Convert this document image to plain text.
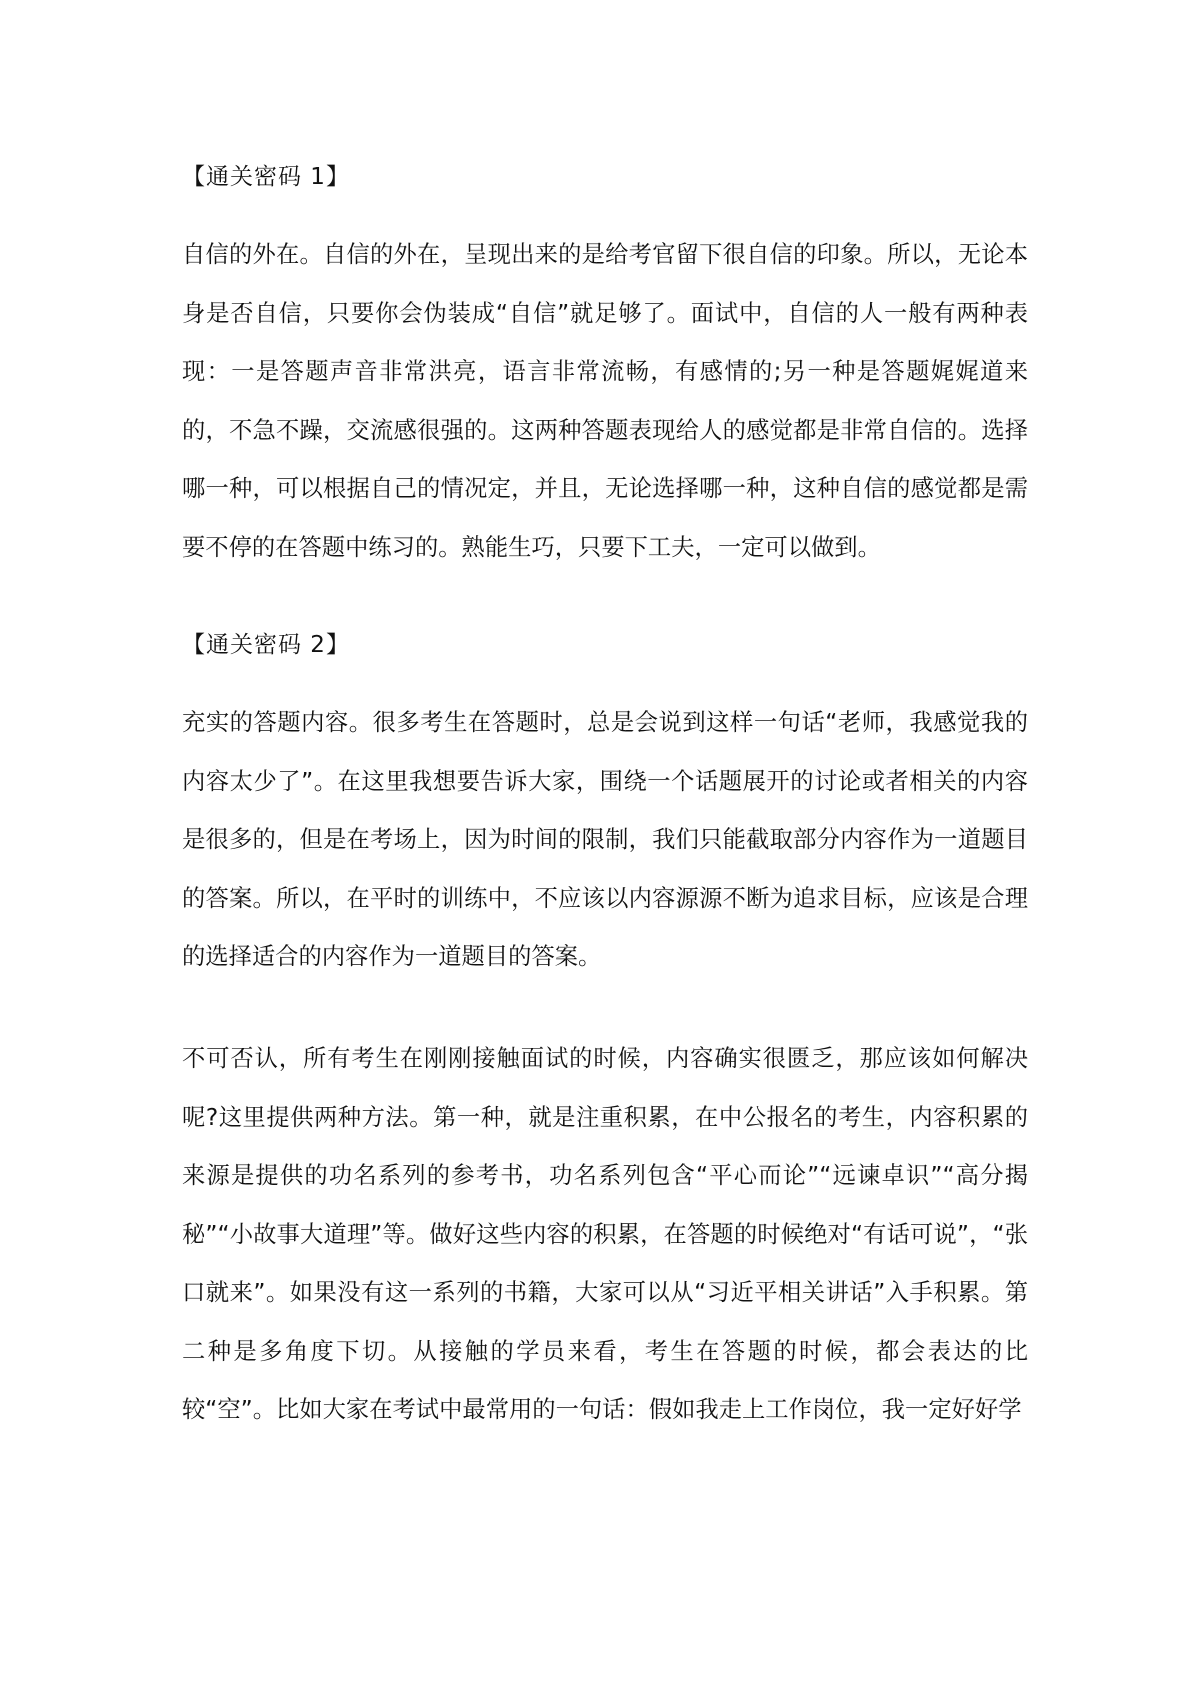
【通关密码 1】

自信的外在。自信的外在，呈现出来的是给考官留下很自信的印象。所以，无论本身是否自信，只要你会伪装成“自信”就足够了。面试中，自信的人一般有两种表现：一是答题声音非常洪亮，语言非常流畅，有感情的;另一种是答题娓娓道来的，不急不躁，交流感很强的。这两种答题表现给人的感觉都是非常自信的。选择哪一种，可以根据自己的情况定，并且，无论选择哪一种，这种自信的感觉都是需要不停的在答题中练习的。熟能生巧，只要下工夫，一定可以做到。

【通关密码 2】

充实的答题内容。很多考生在答题时，总是会说到这样一句话“老师，我感觉我的内容太少了”。在这里我想要告诉大家，围绕一个话题展开的讨论或者相关的内容是很多的，但是在考场上，因为时间的限制，我们只能截取部分内容作为一道题目的答案。所以，在平时的训练中，不应该以内容源源不断为追求目标，应该是合理的选择适合的内容作为一道题目的答案。

不可否认，所有考生在刚刚接触面试的时候，内容确实很匮乏，那应该如何解决呢?这里提供两种方法。第一种，就是注重积累，在中公报名的考生，内容积累的来源是提供的功名系列的参考书，功名系列包含“平心而论”“远谏卓识”“高分揭秘”“小故事大道理”等。做好这些内容的积累，在答题的时候绝对“有话可说”，“张口就来”。如果没有这一系列的书籍，大家可以从“习近平相关讲话”入手积累。第二种是多角度下切。从接触的学员来看，考生在答题的时候，都会表达的比较“空”。比如大家在考试中最常用的一句话：假如我走上工作岗位，我一定好好学
